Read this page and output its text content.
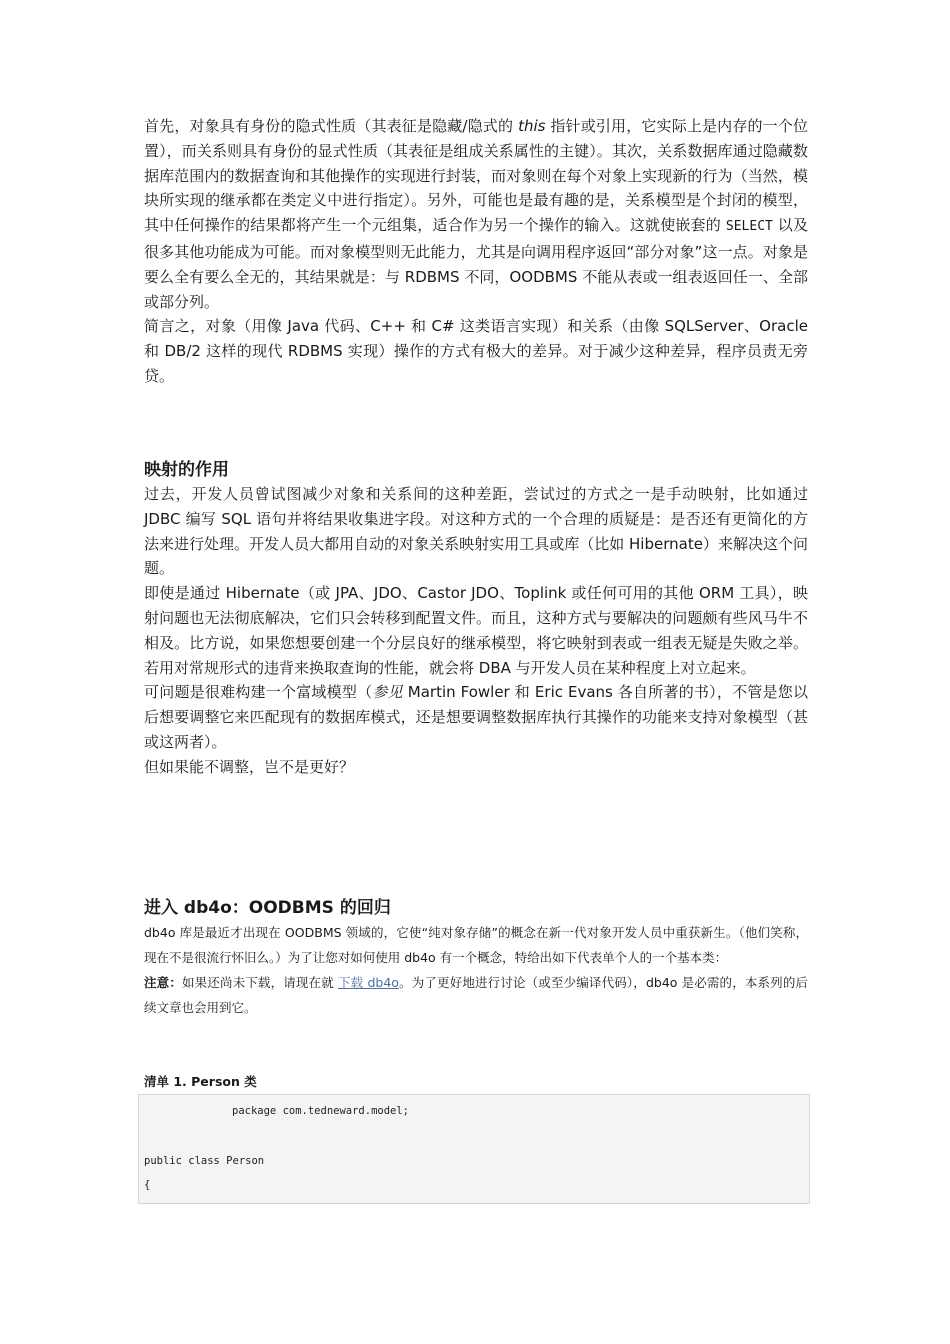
首先，对象具有身份的隐式性质（其表征是隐藏/隐式的 this 指针或引用，它实际上是内存的一个位置），而关系则具有身份的显式性质（其表征是组成关系属性的主键）。其次，关系数据库通过隐藏数据库范围内的数据查询和其他操作的实现进行封装，而对象则在每个对象上实现新的行为（当然，模块所实现的继承都在类定义中进行指定）。另外，可能也是最有趣的是，关系模型是个封闭的模型，其中任何操作的结果都将产生一个元组集，适合作为另一个操作的输入。这就使嵌套的 SELECT 以及很多其他功能成为可能。而对象模型则无此能力，尤其是向调用程序返回“部分对象”这一点。对象是要么全有要么全无的，其结果就是：与 RDBMS 不同，OODBMS 不能从表或一组表返回任一、全部或部分列。

简言之，对象（用像 Java 代码、C++ 和 C# 这类语言实现）和关系（由像 SQLServer、Oracle 和 DB/2 这样的现代 RDBMS 实现）操作的方式有极大的差异。对于减少这种差异，程序员责无旁贷。

映射的作用

过去，开发人员曾试图减少对象和关系间的这种差距，尝试过的方式之一是手动映射，比如通过 JDBC 编写 SQL 语句并将结果收集进字段。对这种方式的一个合理的质疑是：是否还有更简化的方法来进行处理。开发人员大都用自动的对象关系映射实用工具或库（比如 Hibernate）来解决这个问题。

即使是通过 Hibernate（或 JPA、JDO、Castor JDO、Toplink 或任何可用的其他 ORM 工具），映射问题也无法彻底解决，它们只会转移到配置文件。而且，这种方式与要解决的问题颇有些风马牛不相及。比方说，如果您想要创建一个分层良好的继承模型，将它映射到表或一组表无疑是失败之举。若用对常规形式的违背来换取查询的性能，就会将 DBA 与开发人员在某种程度上对立起来。

可问题是很难构建一个富域模型（参见 Martin Fowler 和 Eric Evans 各自所著的书），不管是您以后想要调整它来匹配现有的数据库模式，还是想要调整数据库执行其操作的功能来支持对象模型（甚或这两者）。

但如果能不调整，岂不是更好？

进入 db4o：OODBMS 的回归

db4o 库是最近才出现在 OODBMS 领域的，它使“纯对象存储”的概念在新一代对象开发人员中重获新生。（他们笑称，现在不是很流行怀旧么。）为了让您对如何使用 db4o 有一个概念，特给出如下代表单个人的一个基本类：

注意：如果还尚未下载，请现在就 下载 db4o。为了更好地进行讨论（或至少编译代码），db4o 是必需的，本系列的后续文章也会用到它。

清单 1. Person 类

package com.tedneward.model;
public class Person
{
